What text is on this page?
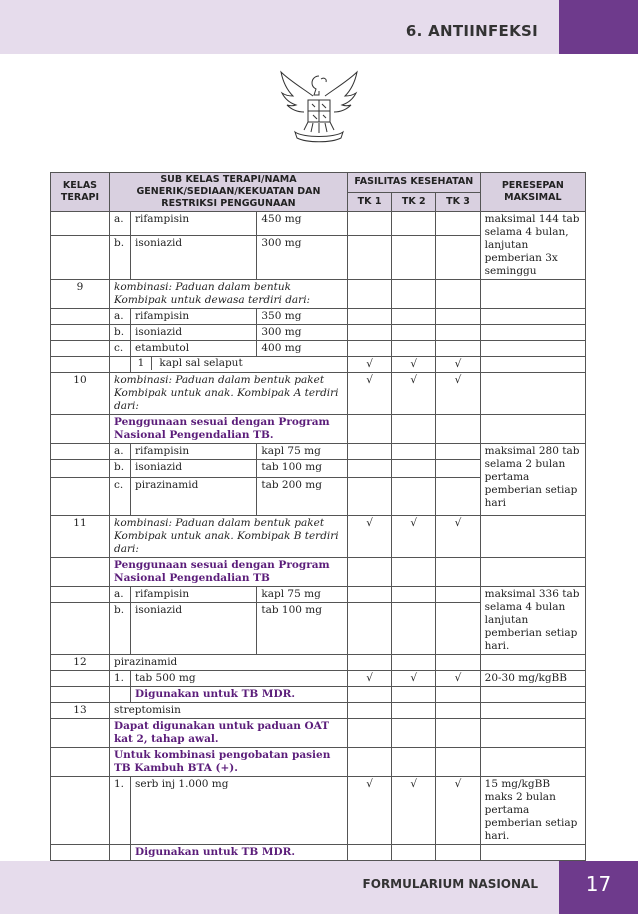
6. ANTIINFEKSI
KELAS TERAPI	SUB KELAS TERAPI/NAMA GENERIK/SEDIAAN/KEKUATAN DAN RESTRIKSI PENGGUNAAN			FASILITAS KESEHATAN			PERESEPAN MAKSIMAL
				TK 1	TK 2	TK 3	
	a.	rifampisin	450 mg				maksimal 144 tab selama 4 bulan, lanjutan pemberian 3x seminggu
	b.	isoniazid	300 mg				
9	kombinasi: Paduan dalam bentuk Kombipak untuk dewasa terdiri dari:						
	a.	rifampisin	350 mg				
	b.	isoniazid	300 mg				
	c.	etambutol	400 mg				
		1 kapl sal selaput		√	√	√	
10	kombinasi: Paduan dalam bentuk paket Kombipak untuk anak. Kombipak A terdiri dari:			√	√	√	
	Penggunaan sesuai dengan Program Nasional Pengendalian TB.						
	a.	rifampisin	kapl 75 mg				maksimal 280 tab selama 2 bulan pertama pemberian setiap hari
	b.	isoniazid	tab 100 mg				
	c.	pirazinamid	tab 200 mg				
11	kombinasi: Paduan dalam bentuk paket Kombipak untuk anak. Kombipak B terdiri dari:			√	√	√	
	Penggunaan sesuai dengan Program Nasional Pengendalian TB						
	a.	rifampisin	kapl 75 mg				maksimal 336 tab selama 4 bulan lanjutan pemberian setiap hari.
	b.	isoniazid	tab 100 mg				
12	pirazinamid						
	1.	tab 500 mg		√	√	√	20-30 mg/kgBB
		Digunakan untuk TB MDR.					
13	streptomisin						
	Dapat digunakan untuk paduan OAT kat 2, tahap awal.						
	Untuk kombinasi pengobatan pasien TB Kambuh BTA (+).						
	1.	serb inj 1.000 mg		√	√	√	15 mg/kgBB maks 2 bulan pertama pemberian setiap hari.
		Digunakan untuk TB MDR.					
FORMULARIUM NASIONAL	17
